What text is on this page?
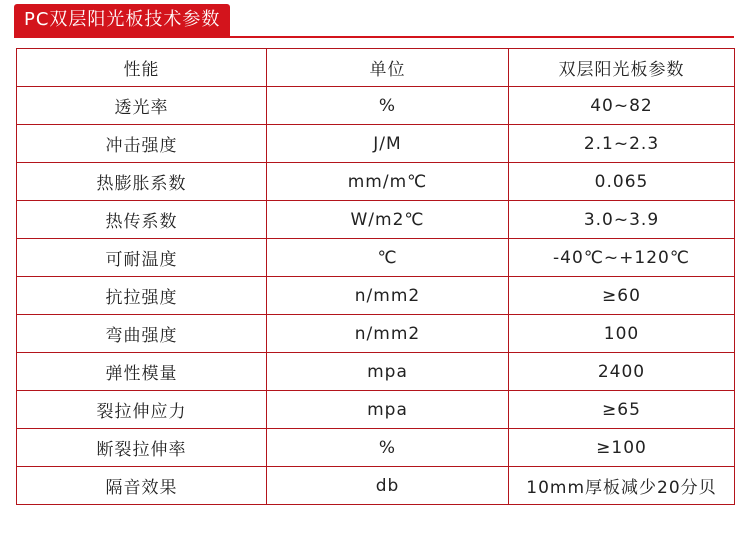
PC双层阳光板技术参数
性能	单位	双层阳光板参数
透光率	%	40~82
冲击强度	J/M	2.1~2.3
热膨胀系数	mm/m℃	0.065
热传系数	W/m2℃	3.0~3.9
可耐温度	℃	-40℃~+120℃
抗拉强度	n/mm2	≥60
弯曲强度	n/mm2	100
弹性模量	mpa	2400
裂拉伸应力	mpa	≥65
断裂拉伸率	%	≥100
隔音效果	db	10mm厚板减少20分贝
